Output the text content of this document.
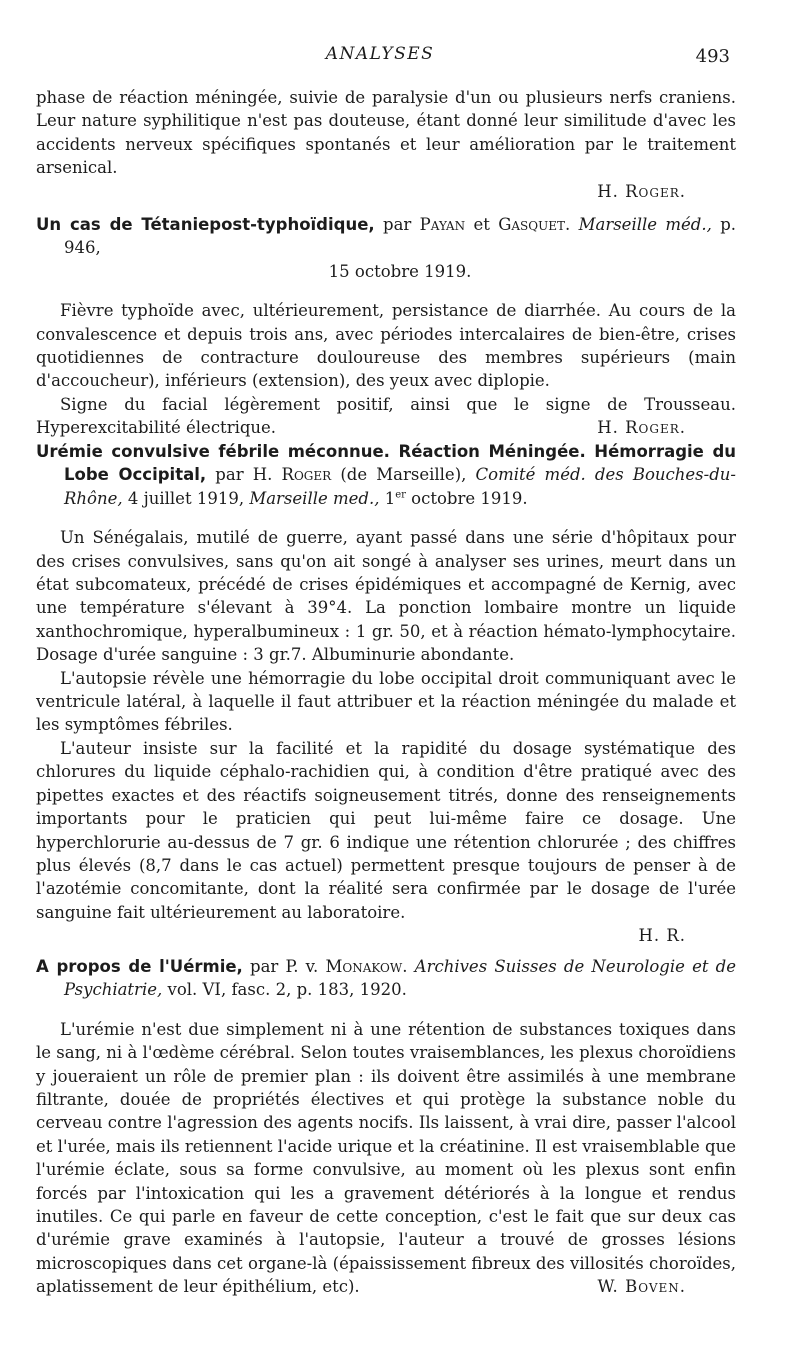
ANALYSES	493

phase de réaction méningée, suivie de paralysie d'un ou plusieurs nerfs craniens. Leur nature syphilitique n'est pas douteuse, étant donné leur similitude d'avec les accidents nerveux spécifiques spontanés et leur amélioration par le traitement arsenical.

H. Roger.

Un cas de Tétaniepost-typhoïdique, par Payan et Gasquet. Marseille méd., p. 946,
15 octobre 1919.

Fièvre typhoïde avec, ultérieurement, persistance de diarrhée. Au cours de la convalescence et depuis trois ans, avec périodes intercalaires de bien-être, crises quotidiennes de contracture douloureuse des membres supérieurs (main d'accoucheur), inférieurs (extension), des yeux avec diplopie.

Signe du facial légèrement positif, ainsi que le signe de Trousseau. Hyperexcitabilité électrique.	H. Roger.

Urémie convulsive fébrile méconnue. Réaction Méningée. Hémorragie du Lobe Occipital, par H. Roger (de Marseille), Comité méd. des Bouches-du-Rhône, 4 juillet 1919, Marseille med., 1er octobre 1919.

Un Sénégalais, mutilé de guerre, ayant passé dans une série d'hôpitaux pour des crises convulsives, sans qu'on ait songé à analyser ses urines, meurt dans un état subcomateux, précédé de crises épidémiques et accompagné de Kernig, avec une température s'élevant à 39°4. La ponction lombaire montre un liquide xanthochromique, hyperalbumineux : 1 gr. 50, et à réaction hémato-lymphocytaire. Dosage d'urée sanguine : 3 gr.7. Albuminurie abondante.

L'autopsie révèle une hémorragie du lobe occipital droit communiquant avec le ventricule latéral, à laquelle il faut attribuer et la réaction méningée du malade et les symptômes fébriles.

L'auteur insiste sur la facilité et la rapidité du dosage systématique des chlorures du liquide céphalo-rachidien qui, à condition d'être pratiqué avec des pipettes exactes et des réactifs soigneusement titrés, donne des renseignements importants pour le praticien qui peut lui-même faire ce dosage. Une hyperchlorurie au-dessus de 7 gr. 6 indique une rétention chlorurée ; des chiffres plus élevés (8,7 dans le cas actuel) permettent presque toujours de penser à de l'azotémie concomitante, dont la réalité sera confirmée par le dosage de l'urée sanguine fait ultérieurement au laboratoire.

H. R.

A propos de l'Uérmie, par P. v. Monakow. Archives Suisses de Neurologie et de Psychiatrie, vol. VI, fasc. 2, p. 183, 1920.

L'urémie n'est due simplement ni à une rétention de substances toxiques dans le sang, ni à l'œdème cérébral. Selon toutes vraisemblances, les plexus choroïdiens y joueraient un rôle de premier plan : ils doivent être assimilés à une membrane filtrante, douée de propriétés électives et qui protège la substance noble du cerveau contre l'agression des agents nocifs. Ils laissent, à vrai dire, passer l'alcool et l'urée, mais ils retiennent l'acide urique et la créatinine. Il est vraisemblable que l'urémie éclate, sous sa forme convulsive, au moment où les plexus sont enfin forcés par l'intoxication qui les a gravement détériorés à la longue et rendus inutiles. Ce qui parle en faveur de cette conception, c'est le fait que sur deux cas d'urémie grave examinés à l'autopsie, l'auteur a trouvé de grosses lésions microscopiques dans cet organe-là (épaississement fibreux des villosités choroïdes, aplatissement de leur épithélium, etc).	W. Boven.
